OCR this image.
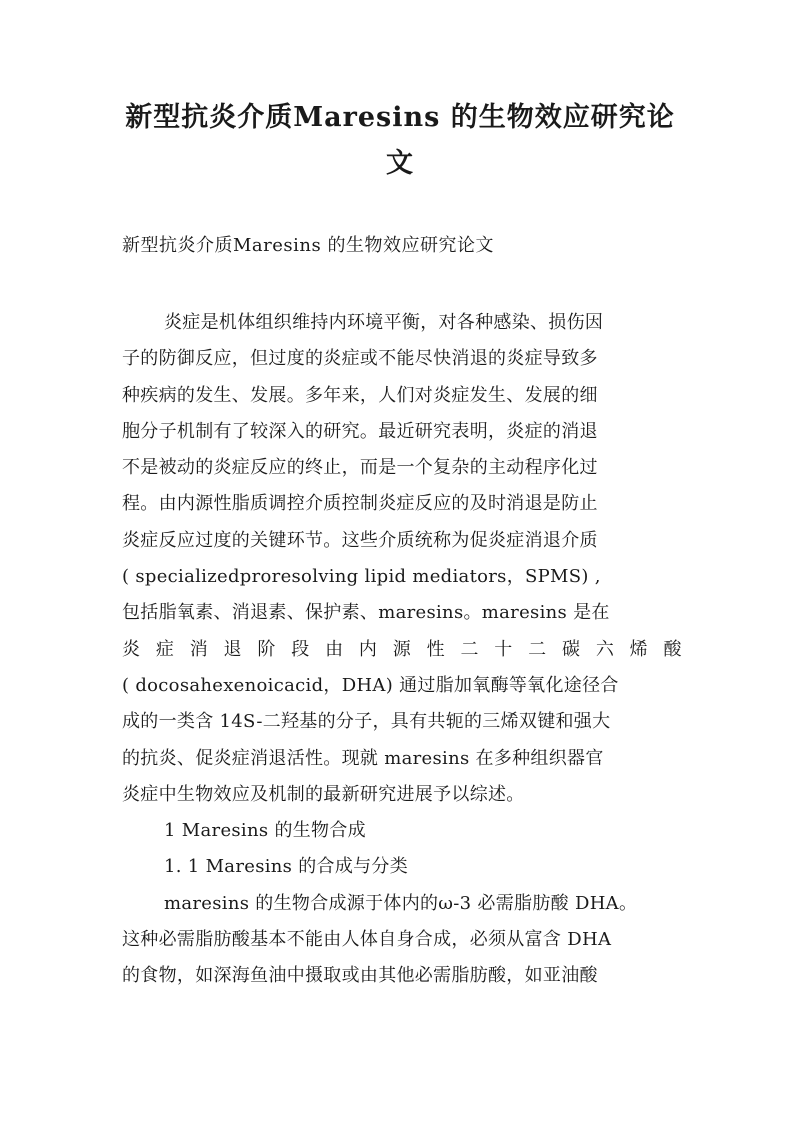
新型抗炎介质Maresins 的生物效应研究论
文
新型抗炎介质Maresins 的生物效应研究论文
炎症是机体组织维持内环境平衡，对各种感染、损伤因
子的防御反应，但过度的炎症或不能尽快消退的炎症导致多
种疾病的发生、发展。多年来，人们对炎症发生、发展的细
胞分子机制有了较深入的研究。最近研究表明，炎症的消退
不是被动的炎症反应的终止，而是一个复杂的主动程序化过
程。由内源性脂质调控介质控制炎症反应的及时消退是防止
炎症反应过度的关键环节。这些介质统称为促炎症消退介质
( specializedproresolving lipid mediators，SPMS) ,
包括脂氧素、消退素、保护素、maresins。maresins 是在
炎 症 消 退 阶 段 由 内 源 性 二 十 二 碳 六 烯 酸
( docosahexenoicacid，DHA) 通过脂加氧酶等氧化途径合
成的一类含 14S-二羟基的分子，具有共轭的三烯双键和强大
的抗炎、促炎症消退活性。现就 maresins 在多种组织器官
炎症中生物效应及机制的最新研究进展予以综述。
1 Maresins 的生物合成
1. 1 Maresins 的合成与分类
maresins 的生物合成源于体内的ω-3 必需脂肪酸 DHA。
这种必需脂肪酸基本不能由人体自身合成，必须从富含 DHA
的食物，如深海鱼油中摄取或由其他必需脂肪酸，如亚油酸
